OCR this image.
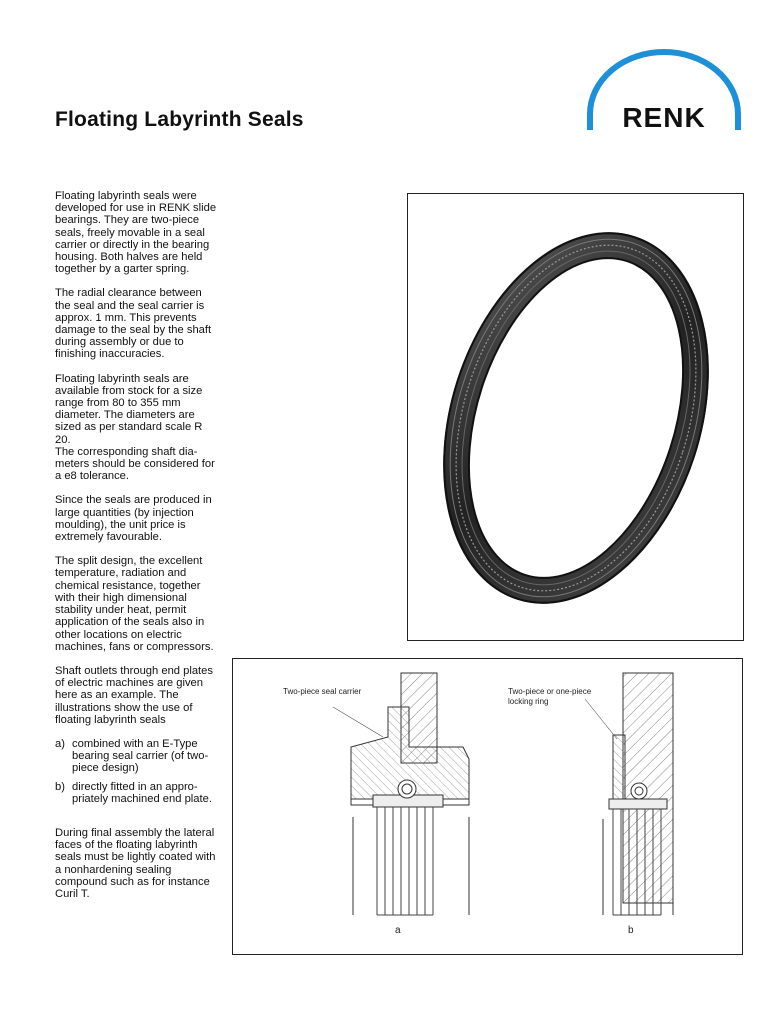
Floating Labyrinth Seals	RENK

Floating labyrinth seals were developed for use in RENK slide bearings. They are two-piece seals, freely movable in a seal carrier or directly in the bearing housing. Both halves are held together by a garter spring.

The radial clearance between the seal and the seal carrier is approx. 1 mm. This prevents damage to the seal by the shaft during assembly or due to finishing inaccuracies.

Floating labyrinth seals are available from stock for a size range from 80 to 355 mm diameter. The diameters are sized as per standard scale R 20.

The corresponding shaft dia-meters should be considered for a e8 tolerance.

Since the seals are produced in large quantities (by injection moulding), the unit price is extremely favourable.

The split design, the excellent temperature, radiation and chemical resistance, together with their high dimensional stability under heat, permit application of the seals also in other locations on electric machines, fans or compressors.

Shaft outlets through end plates of electric machines are given here as an example. The illustrations show the use of floating labyrinth seals

a) combined with an E-Type bearing seal carrier (of two-piece design)
b) directly fitted in an appro-priately machined end plate.

During final assembly the lateral faces of the floating labyrinth seals must be lightly coated with a nonhardening sealing compound such as for instance Curil T.

Two-piece seal carrier	Two-piece or one-piece locking ring
a	b
